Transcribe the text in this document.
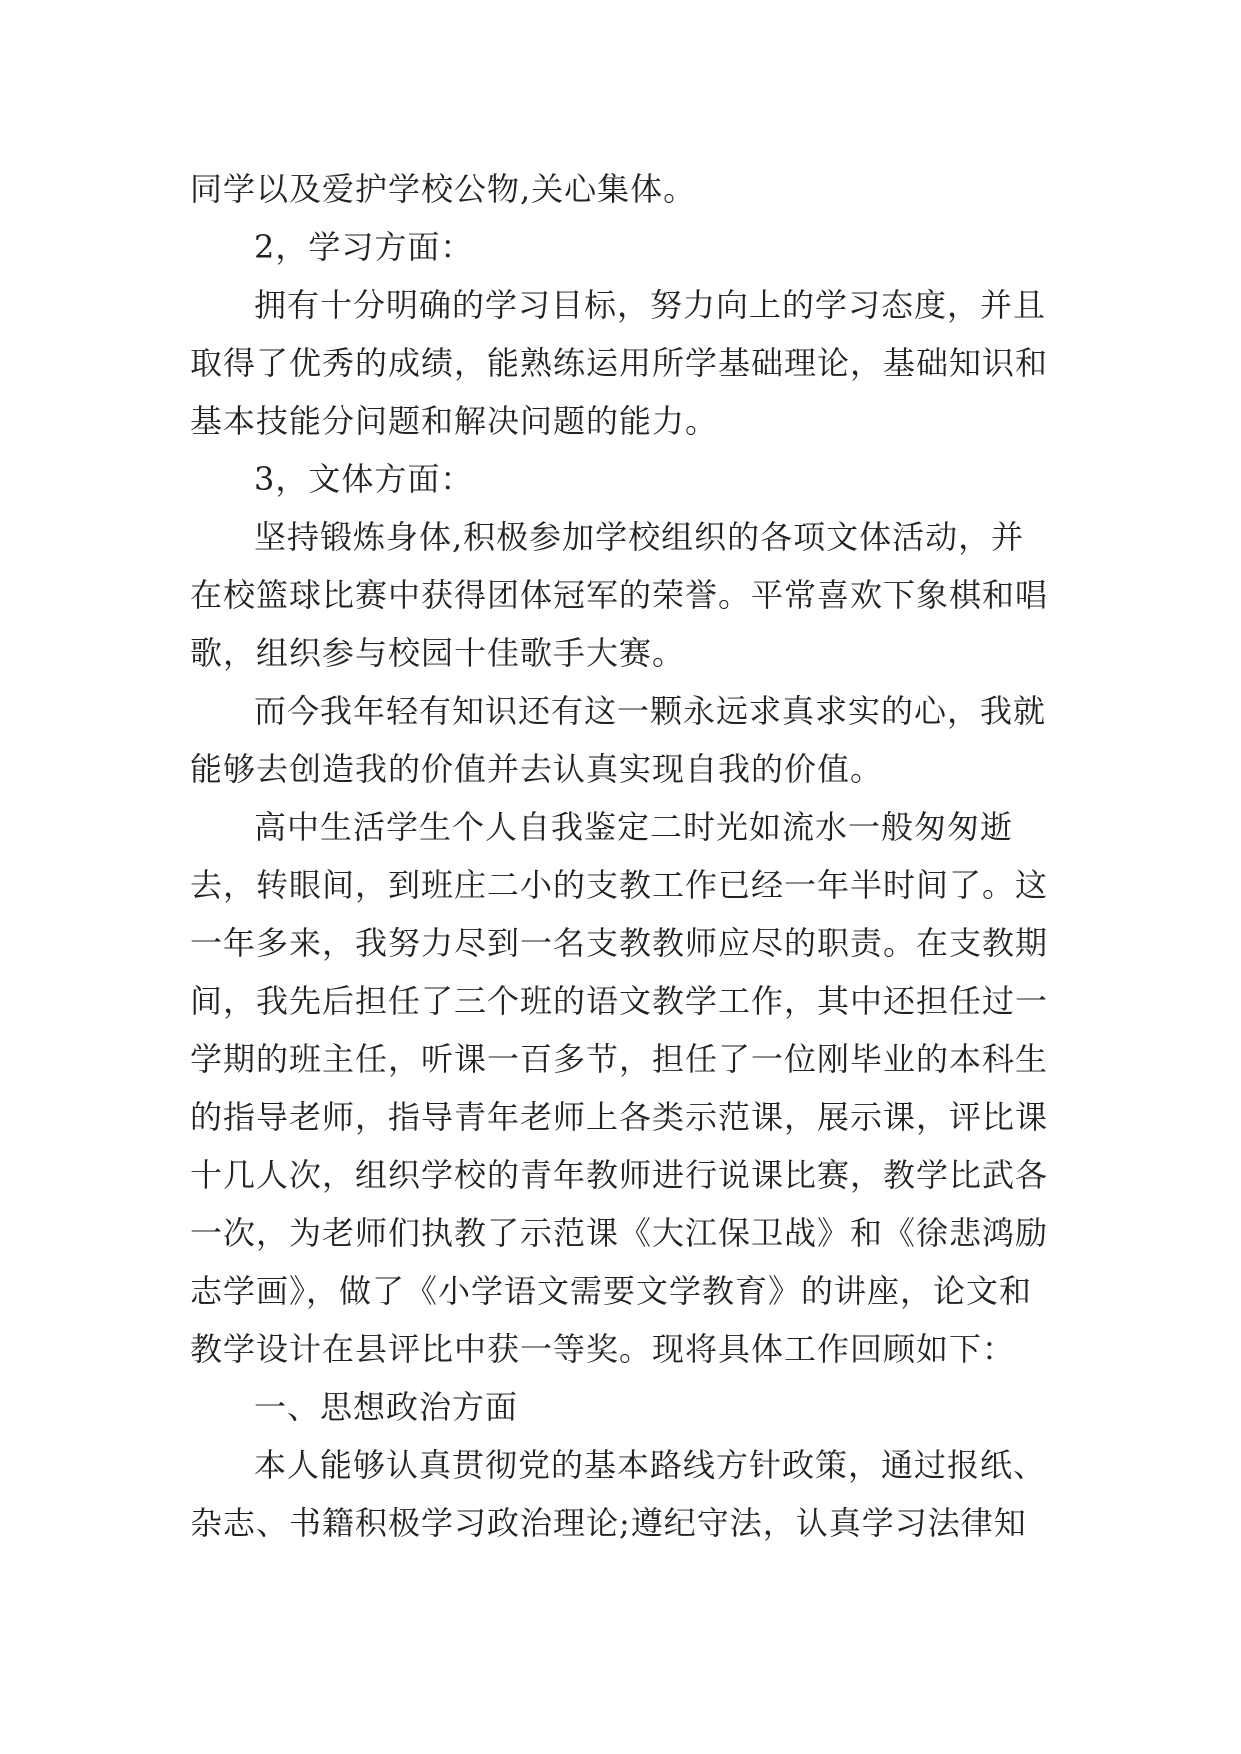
同学以及爱护学校公物,关心集体。
2，学习方面：
拥有十分明确的学习目标，努力向上的学习态度，并且
取得了优秀的成绩，能熟练运用所学基础理论，基础知识和
基本技能分问题和解决问题的能力。
3，文体方面：
坚持锻炼身体,积极参加学校组织的各项文体活动，并
在校篮球比赛中获得团体冠军的荣誉。平常喜欢下象棋和唱
歌，组织参与校园十佳歌手大赛。
而今我年轻有知识还有这一颗永远求真求实的心，我就
能够去创造我的价值并去认真实现自我的价值。
高中生活学生个人自我鉴定二时光如流水一般匆匆逝
去，转眼间，到班庄二小的支教工作已经一年半时间了。这
一年多来，我努力尽到一名支教教师应尽的职责。在支教期
间，我先后担任了三个班的语文教学工作，其中还担任过一
学期的班主任，听课一百多节，担任了一位刚毕业的本科生
的指导老师，指导青年老师上各类示范课，展示课，评比课
十几人次，组织学校的青年教师进行说课比赛，教学比武各
一次，为老师们执教了示范课《大江保卫战》和《徐悲鸿励
志学画》，做了《小学语文需要文学教育》的讲座，论文和
教学设计在县评比中获一等奖。现将具体工作回顾如下：
一、思想政治方面
本人能够认真贯彻党的基本路线方针政策，通过报纸、
杂志、书籍积极学习政治理论;遵纪守法，认真学习法律知
